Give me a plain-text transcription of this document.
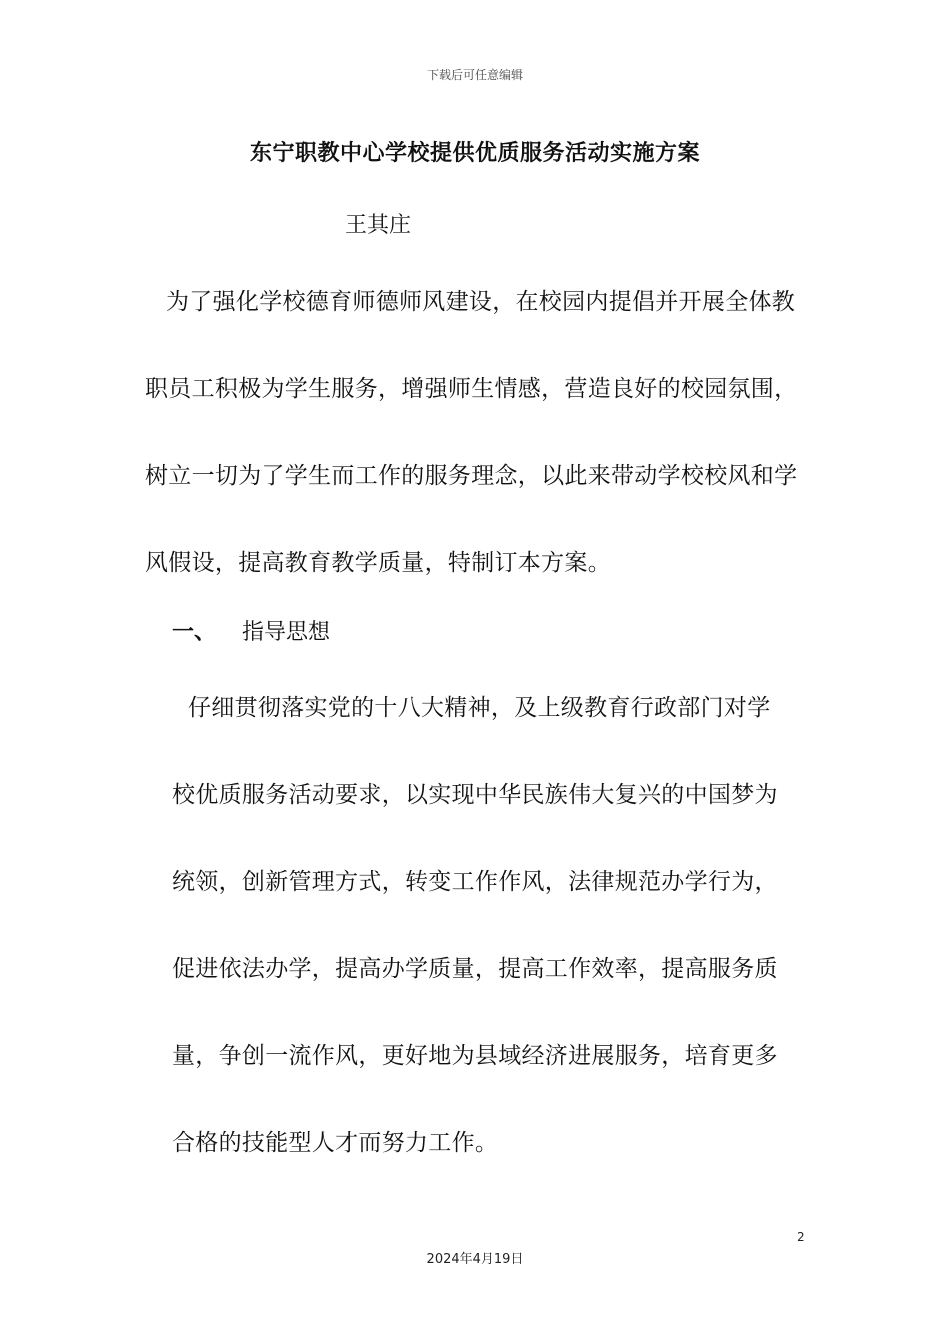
下载后可任意编辑
东宁职教中心学校提供优质服务活动实施方案
王其庄
为了强化学校德育师德师风建设，在校园内提倡并开展全体教
职员工积极为学生服务，增强师生情感，营造良好的校园氛围，
树立一切为了学生而工作的服务理念，以此来带动学校校风和学
风假设，提高教育教学质量，特制订本方案。
一、 指导思想
仔细贯彻落实党的十八大精神，及上级教育行政部门对学
校优质服务活动要求，以实现中华民族伟大复兴的中国梦为
统领，创新管理方式，转变工作作风，法律规范办学行为，
促进依法办学，提高办学质量，提高工作效率，提高服务质
量，争创一流作风，更好地为县域经济进展服务，培育更多
合格的技能型人才而努力工作。
2
2024年4月19日
